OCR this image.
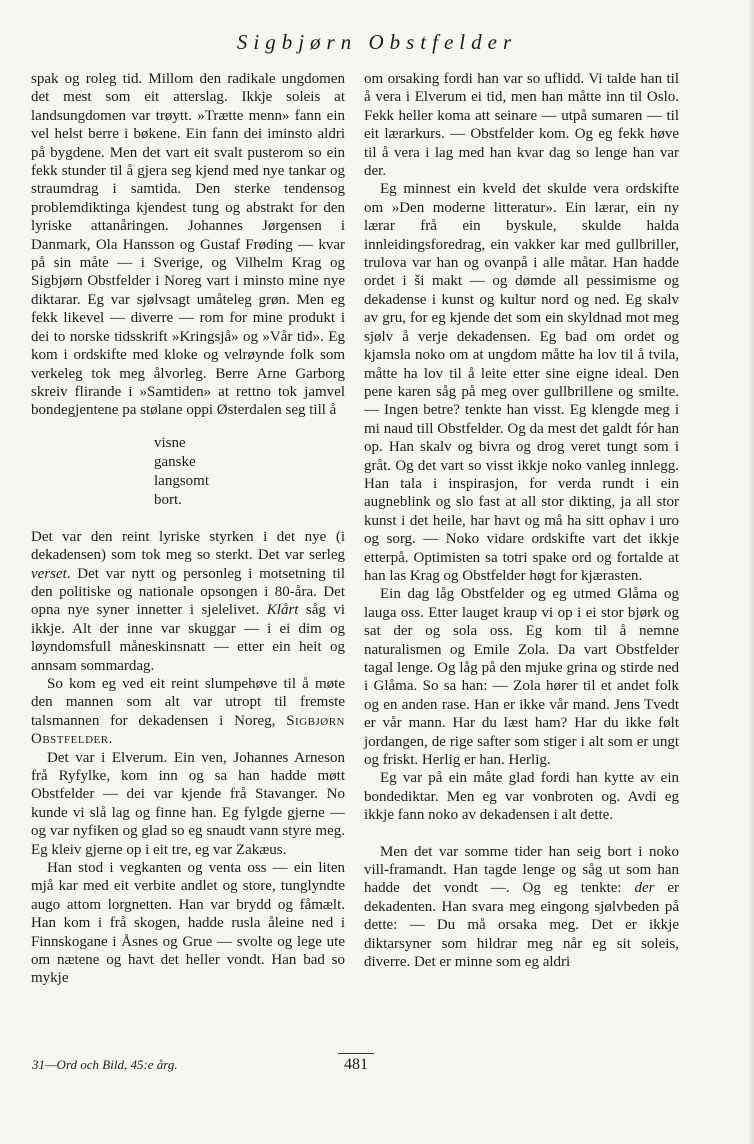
Sigbjørn Obstfelder

spak og roleg tid. Millom den radikale ungdomen det mest som eit atterslag. Ikkje soleis at landsungdomen var trøytt. »Trætte menn» fann ein vel helst berre i bøkene. Ein fann dei iminsto aldri på bygdene. Men det vart eit svalt pusterom so ein fekk stunder til å gjera seg kjend med nye tankar og straumdrag i samtida. Den sterke tendensog problemdiktinga kjendest tung og abstrakt for den lyriske attanåringen. Johannes Jørgensen i Danmark, Ola Hansson og Gustaf Frøding — kvar på sin måte — i Sverige, og Vilhelm Krag og Sigbjørn Obstfelder i Noreg vart i minsto mine nye diktarar. Eg var sjølvsagt umåteleg grøn. Men eg fekk likevel — diverre — rom for mine produkt i dei to norske tidsskrift »Kringsjå» og »Vår tid». Eg kom i ordskifte med kloke og velrøynde folk som verkeleg tok meg ålvorleg. Berre Arne Garborg skreiv flirande i »Samtiden» at rettno tok jamvel bondegjentene pa stølane oppi Østerdalen seg till å

visne
ganske
langsomt
bort.

Det var den reint lyriske styrken i det nye (i dekadensen) som tok meg so sterkt. Det var serleg verset. Det var nytt og personleg i motsetning til den politiske og nationale opsongen i 80-åra. Det opna nye syner innetter i sjelelivet. Klårt såg vi ikkje. Alt der inne var skuggar — i ei dim og løyndomsfull måneskinsnatt — etter ein heit og annsam sommardag.

So kom eg ved eit reint slumpehøve til å møte den mannen som alt var utropt til fremste talsmannen for dekadensen i Noreg, Sigbjørn Obstfelder.

Det var i Elverum. Ein ven, Johannes Arneson frå Ryfylke, kom inn og sa han hadde møtt Obstfelder — dei var kjende frå Stavanger. No kunde vi slå lag og finne han. Eg fylgde gjerne — og var nyfiken og glad so eg snaudt vann styre meg. Eg kleiv gjerne op i eit tre, eg var Zakæus.

Han stod i vegkanten og venta oss — ein liten mjå kar med eit verbite andlet og store, tunglyndte augo attom lorgnetten. Han var brydd og fåmælt. Han kom i frå skogen, hadde rusla åleine ned i Finnskogane i Åsnes og Grue — svolte og lege ute om nætene og havt det heller vondt. Han bad so mykje

om orsaking fordi han var so uflidd. Vi talde han til å vera i Elverum ei tid, men han måtte inn til Oslo. Fekk heller koma att seinare — utpå sumaren — til eit lærarkurs. — Obstfelder kom. Og eg fekk høve til å vera i lag med han kvar dag so lenge han var der.

Eg minnest ein kveld det skulde vera ordskifte om »Den moderne litteratur». Ein lærar, ein ny lærar frå ein byskule, skulde halda innleidingsforedrag, ein vakker kar med gullbriller, trulova var han og ovanpå i alle måtar. Han hadde ordet i ši makt — og dømde all pessimisme og dekadense i kunst og kultur nord og ned. Eg skalv av gru, for eg kjende det som ein skyldnad mot meg sjølv å verje dekadensen. Eg bad om ordet og kjamsla noko om at ungdom måtte ha lov til å tvila, måtte ha lov til å leite etter sine eigne ideal. Den pene karen såg på meg over gullbrillene og smilte. — Ingen betre? tenkte han visst. Eg klengde meg i mi naud till Obstfelder. Og da mest det galdt fór han op. Han skalv og bivra og drog veret tungt som i gråt. Og det vart so visst ikkje noko vanleg innlegg. Han tala i inspirasjon, for verda rundt i ein augneblink og slo fast at all stor dikting, ja all stor kunst i det heile, har havt og må ha sitt ophav i uro og sorg. — Noko vidare ordskifte vart det ikkje etterpå. Optimisten sa totri spake ord og fortalde at han las Krag og Obstfelder høgt for kjærasten.

Ein dag låg Obstfelder og eg utmed Glåma og lauga oss. Etter lauget kraup vi op i ei stor bjørk og sat der og sola oss. Eg kom til å nemne naturalismen og Emile Zola. Da vart Obstfelder tagal lenge. Og låg på den mjuke grina og stirde ned i Glåma. So sa han: — Zola hører til et andet folk og en anden rase. Han er ikke vår mand. Jens Tvedt er vår mann. Har du læst ham? Har du ikke følt jordangen, de rige safter som stiger i alt som er ungt og friskt. Herlig er han. Herlig.

Eg var på ein måte glad fordi han kytte av ein bondediktar. Men eg var vonbroten og. Avdi eg ikkje fann noko av dekadensen i alt dette.

Men det var somme tider han seig bort i noko vill-framandt. Han tagde lenge og såg ut som han hadde det vondt —. Og eg tenkte: der er dekadenten. Han svara meg eingong sjølvbeden på dette: — Du må orsaka meg. Det er ikkje diktarsyner som hildrar meg når eg sit soleis, diverre. Det er minne som eg aldri

31—Ord och Bild, 45:e årg.	481
